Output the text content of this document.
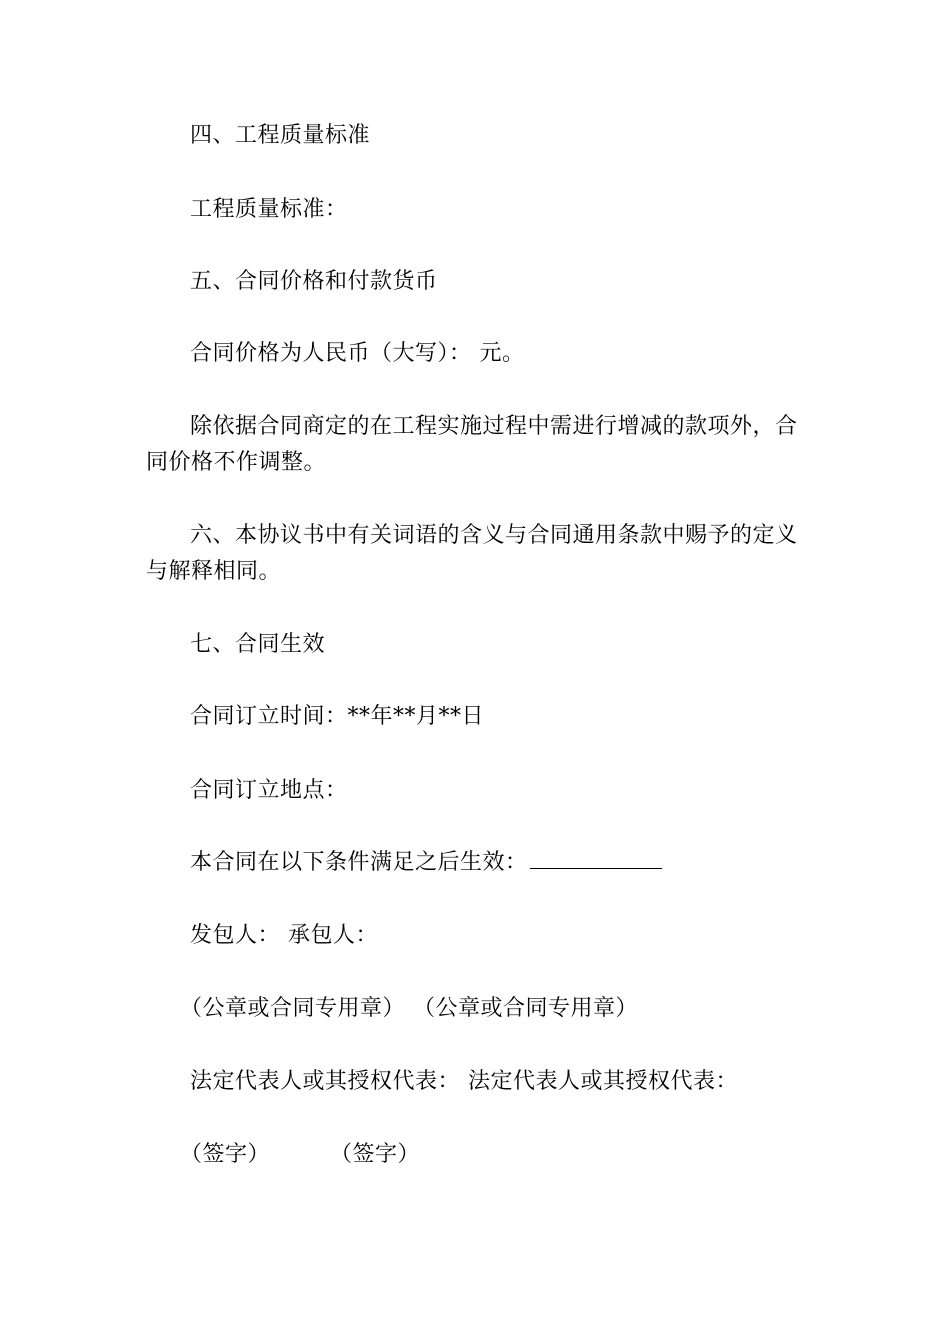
四、工程质量标准

工程质量标准：

五、合同价格和付款货币

合同价格为人民币（大写）： 元。

除依据合同商定的在工程实施过程中需进行增减的款项外，合同价格不作调整。

六、本协议书中有关词语的含义与合同通用条款中赐予的定义与解释相同。

七、合同生效

合同订立时间：**年**月**日

合同订立地点：

本合同在以下条件满足之后生效：

发包人： 承包人：

（公章或合同专用章） （公章或合同专用章）

法定代表人或其授权代表： 法定代表人或其授权代表：

（签字）	（签字）
